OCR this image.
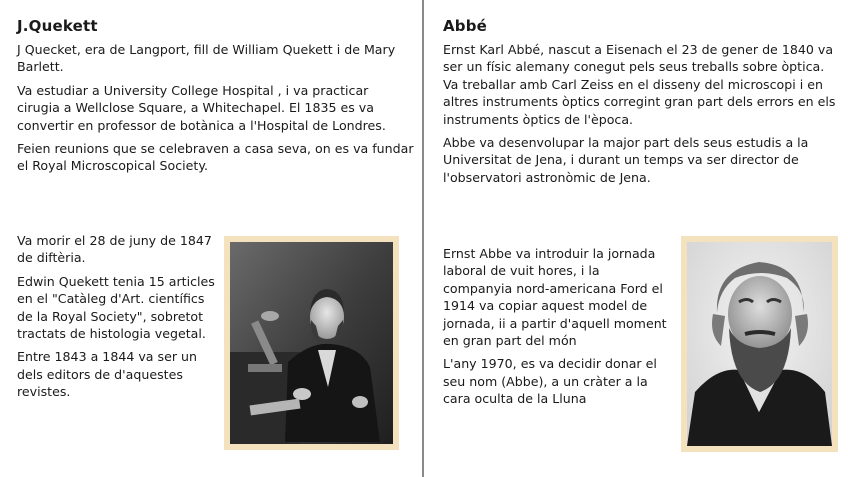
J.Quekett

J Quecket, era de Langport, fill de William Quekett i de Mary Barlett.

Va estudiar a University College Hospital , i va practicar cirugia a Wellclose Square, a Whitechapel. El 1835 es va convertir en professor de botànica a l'Hospital de Londres.

Feien reunions que se celebraven a casa seva, on es va fundar el Royal Microscopical Society.

Va morir el 28 de juny de 1847 de diftèria.

Edwin Quekett tenia 15 articles en el "Catàleg d'Art. científics de la Royal Society", sobretot tractats de histologia vegetal.

Entre 1843 a 1844 va ser un dels editors de d'aquestes revistes.

Abbé

Ernst Karl Abbé, nascut a Eisenach el 23 de gener de 1840 va ser un físic alemany conegut pels seus treballs sobre òptica. Va treballar amb Carl Zeiss en el disseny del microscopi i en altres instruments òptics corregint gran part dels errors en els instruments òptics de l'època.

Abbe va desenvolupar la major part dels seus estudis a la Universitat de Jena, i durant un temps va ser director de l'observatori astronòmic de Jena.

Ernst Abbe va introduir la jornada laboral de vuit hores, i la companyia nord-americana Ford el 1914 va copiar aquest model de jornada, ii a partir d'aquell moment en gran part del món

L'any 1970, es va decidir donar el seu nom (Abbe), a un cràter a la cara oculta de la Lluna
